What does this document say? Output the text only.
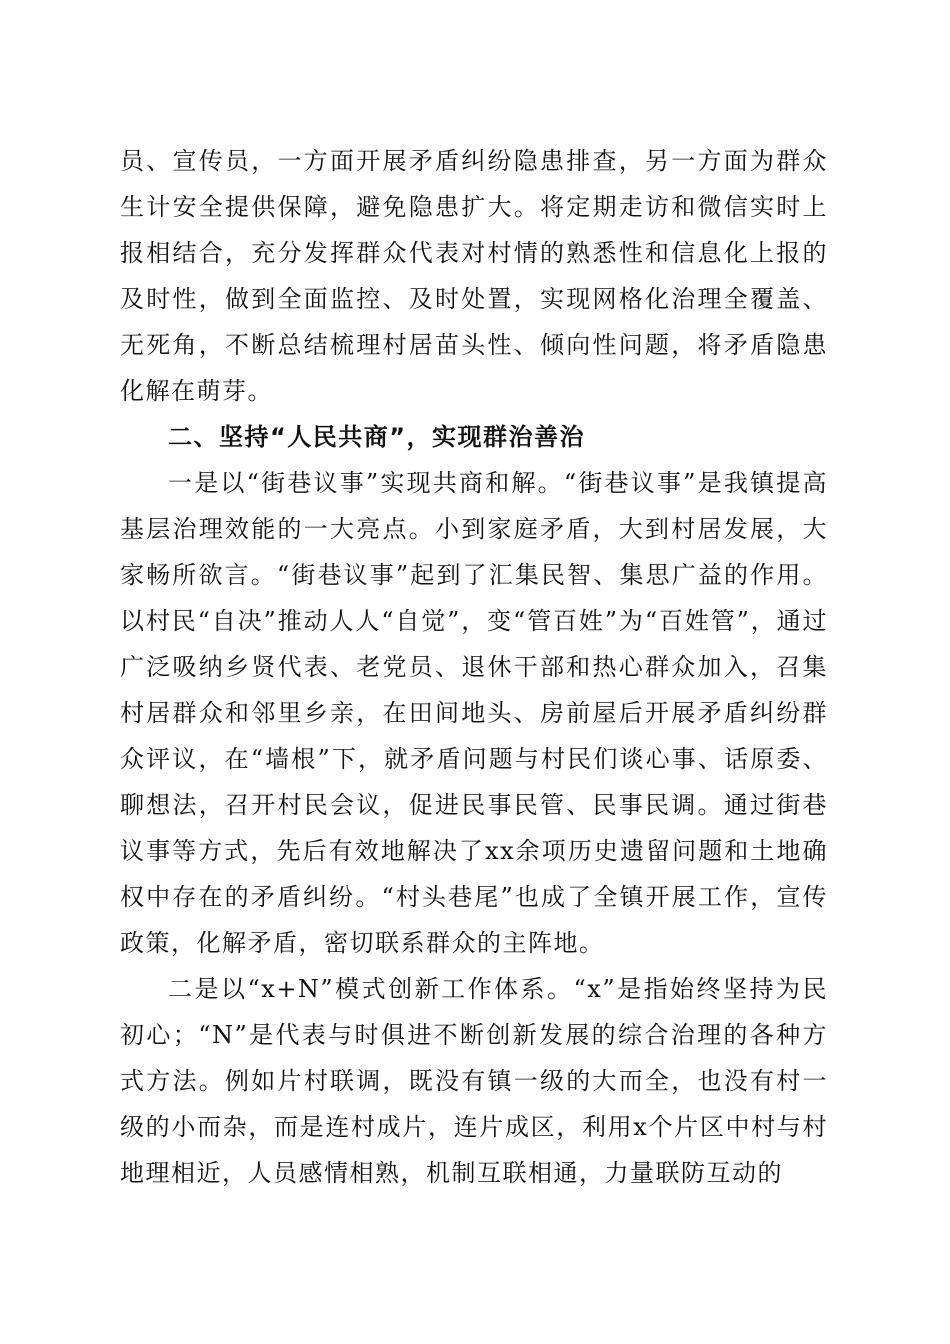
员、宣传员，一方面开展矛盾纠纷隐患排查，另一方面为群众生计安全提供保障，避免隐患扩大。将定期走访和微信实时上报相结合，充分发挥群众代表对村情的熟悉性和信息化上报的及时性，做到全面监控、及时处置，实现网格化治理全覆盖、无死角，不断总结梳理村居苗头性、倾向性问题，将矛盾隐患化解在萌芽。

二、坚持“人民共商”，实现群治善治

一是以“街巷议事”实现共商和解。“街巷议事”是我镇提高基层治理效能的一大亮点。小到家庭矛盾，大到村居发展，大家畅所欲言。“街巷议事”起到了汇集民智、集思广益的作用。以村民“自决”推动人人“自觉”，变“管百姓”为“百姓管”，通过广泛吸纳乡贤代表、老党员、退休干部和热心群众加入，召集村居群众和邻里乡亲，在田间地头、房前屋后开展矛盾纠纷群众评议，在“墙根”下，就矛盾问题与村民们谈心事、话原委、聊想法，召开村民会议，促进民事民管、民事民调。通过街巷议事等方式，先后有效地解决了xx余项历史遗留问题和土地确权中存在的矛盾纠纷。“村头巷尾”也成了全镇开展工作，宣传政策，化解矛盾，密切联系群众的主阵地。

二是以“x+N”模式创新工作体系。“x”是指始终坚持为民初心；“N”是代表与时俱进不断创新发展的综合治理的各种方式方法。例如片村联调，既没有镇一级的大而全，也没有村一级的小而杂，而是连村成片，连片成区，利用x个片区中村与村地理相近，人员感情相熟，机制互联相通，力量联防互动的
